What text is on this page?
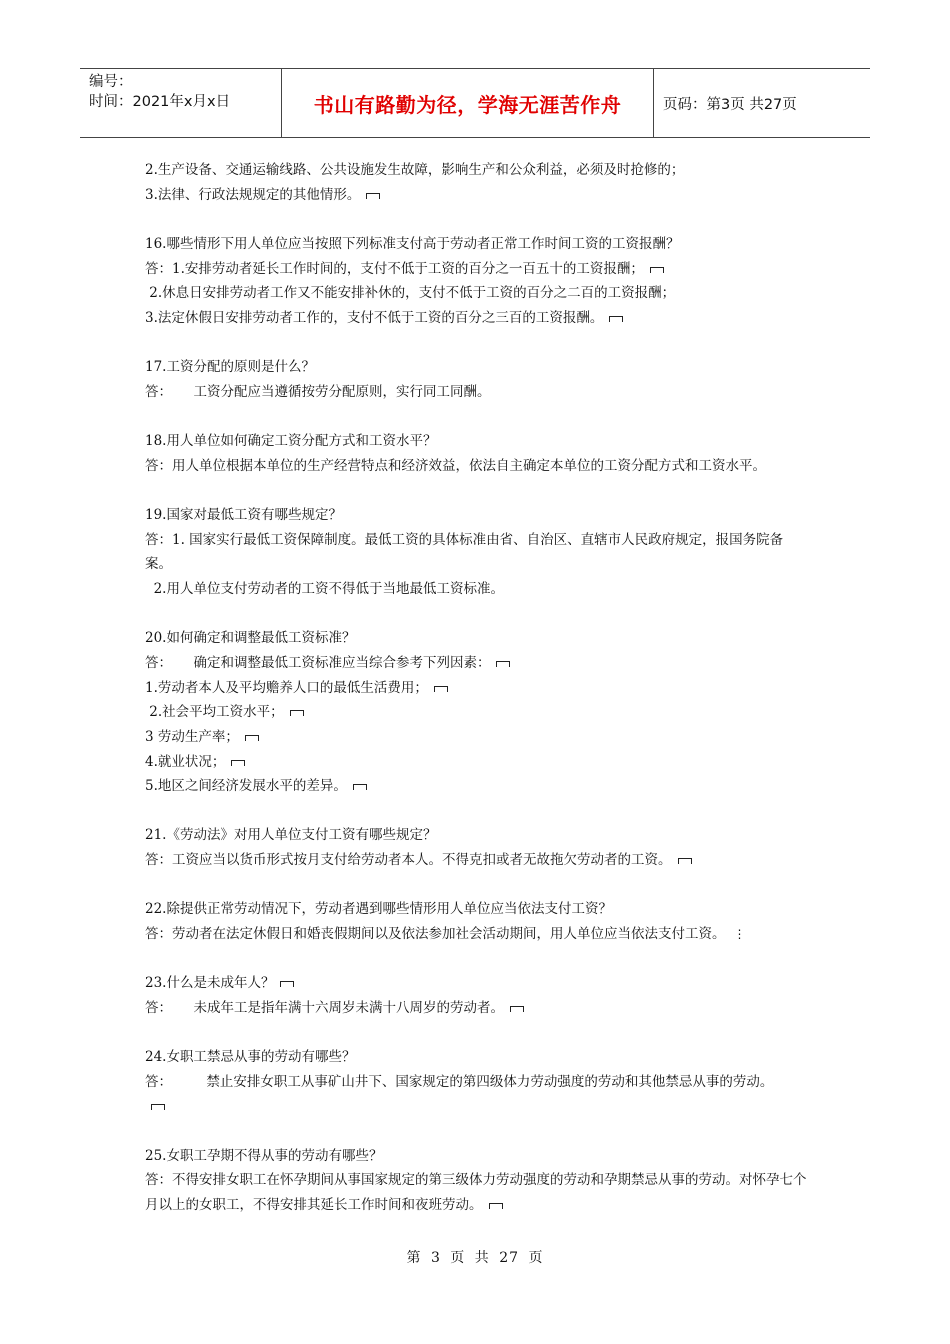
编号：
时间：2021年x月x日	书山有路勤为径，学海无涯苦作舟	页码：第3页 共27页
2.生产设备、交通运输线路、公共设施发生故障，影响生产和公众利益，必须及时抢修的；
3.法律、行政法规规定的其他情形。
16.哪些情形下用人单位应当按照下列标准支付高于劳动者正常工作时间工资的工资报酬？
答：1.安排劳动者延长工作时间的，支付不低于工资的百分之一百五十的工资报酬；
2.休息日安排劳动者工作又不能安排补休的，支付不低于工资的百分之二百的工资报酬；
3.法定休假日安排劳动者工作的，支付不低于工资的百分之三百的工资报酬。
17.工资分配的原则是什么？
答：     工资分配应当遵循按劳分配原则，实行同工同酬。
18.用人单位如何确定工资分配方式和工资水平？
答：用人单位根据本单位的生产经营特点和经济效益，依法自主确定本单位的工资分配方式和工资水平。
19.国家对最低工资有哪些规定？
答：1. 国家实行最低工资保障制度。最低工资的具体标准由省、自治区、直辖市人民政府规定，报国务院备案。
2.用人单位支付劳动者的工资不得低于当地最低工资标准。
20.如何确定和调整最低工资标准？
答：     确定和调整最低工资标准应当综合参考下列因素：
1.劳动者本人及平均赡养人口的最低生活费用；
2.社会平均工资水平；
3 劳动生产率；
4.就业状况；
5.地区之间经济发展水平的差异。
21.《劳动法》对用人单位支付工资有哪些规定？
答：工资应当以货币形式按月支付给劳动者本人。不得克扣或者无故拖欠劳动者的工资。
22.除提供正常劳动情况下，劳动者遇到哪些情形用人单位应当依法支付工资？
答：劳动者在法定休假日和婚丧假期间以及依法参加社会活动期间，用人单位应当依法支付工资。 ⋮
23.什么是未成年人？
答：     未成年工是指年满十六周岁未满十八周岁的劳动者。
24.女职工禁忌从事的劳动有哪些？
答：        禁止安排女职工从事矿山井下、国家规定的第四级体力劳动强度的劳动和其他禁忌从事的劳动。
25.女职工孕期不得从事的劳动有哪些？
答：不得安排女职工在怀孕期间从事国家规定的第三级体力劳动强度的劳动和孕期禁忌从事的劳动。对怀孕七个月以上的女职工，不得安排其延长工作时间和夜班劳动。
第 3 页 共 27 页
